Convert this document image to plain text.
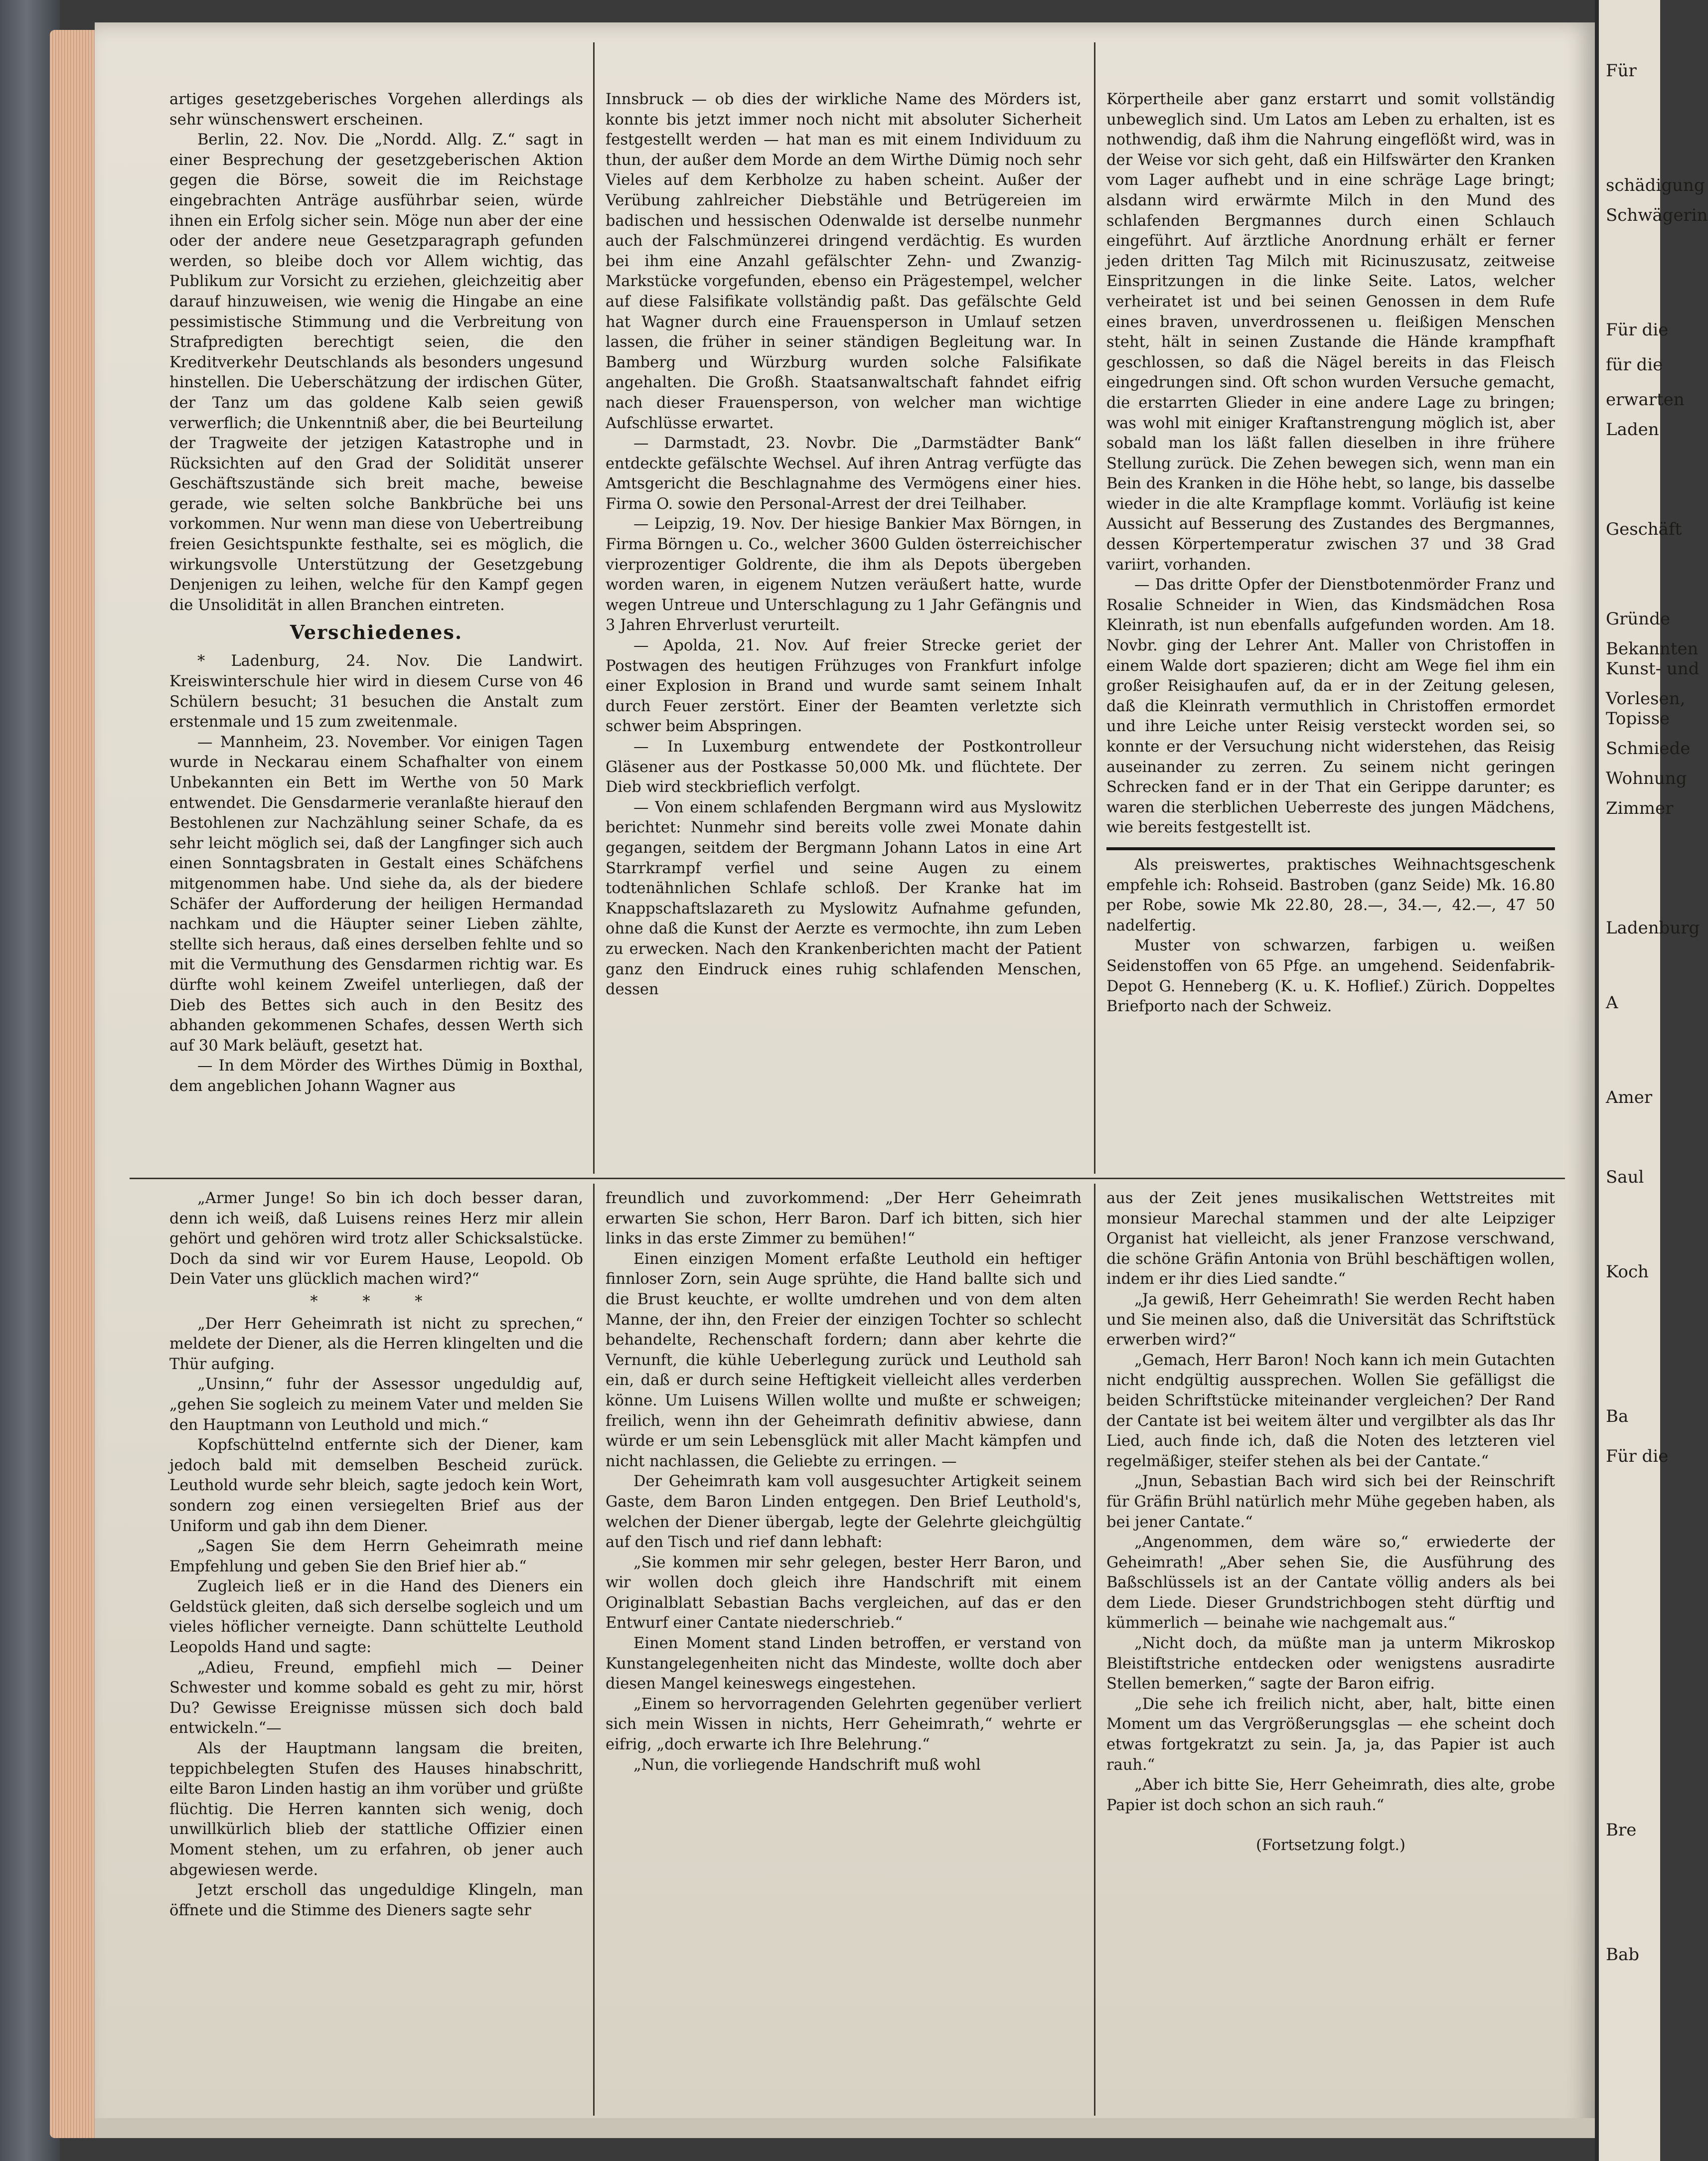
artiges gesetzgeberisches Vorgehen allerdings als sehr wünschenswert erscheinen.

Berlin, 22. Nov. Die „Nordd. Allg. Z.“ sagt in einer Besprechung der gesetzgeberischen Aktion gegen die Börse, soweit die im Reichstage eingebrachten Anträge ausführbar seien, würde ihnen ein Erfolg sicher sein. Möge nun aber der eine oder der andere neue Gesetzparagraph gefunden werden, so bleibe doch vor Allem wichtig, das Publikum zur Vorsicht zu erziehen, gleichzeitig aber darauf hinzuweisen, wie wenig die Hingabe an eine pessimistische Stimmung und die Verbreitung von Strafpredigten berechtigt seien, die den Kreditverkehr Deutschlands als besonders ungesund hinstellen. Die Ueberschätzung der irdischen Güter, der Tanz um das goldene Kalb seien gewiß verwerflich; die Unkenntniß aber, die bei Beurteilung der Tragweite der jetzigen Katastrophe und in Rücksichten auf den Grad der Solidität unserer Geschäftszustände sich breit mache, beweise gerade, wie selten solche Bankbrüche bei uns vorkommen. Nur wenn man diese von Uebertreibung freien Gesichtspunkte festhalte, sei es möglich, die wirkungsvolle Unterstützung der Gesetzgebung Denjenigen zu leihen, welche für den Kampf gegen die Unsolidität in allen Branchen eintreten.

Verschiedenes.

* Ladenburg, 24. Nov. Die Landwirt. Kreiswinterschule hier wird in diesem Curse von 46 Schülern besucht; 31 besuchen die Anstalt zum erstenmale und 15 zum zweitenmale.

— Mannheim, 23. November. Vor einigen Tagen wurde in Neckarau einem Schafhalter von einem Unbekannten ein Bett im Werthe von 50 Mark entwendet. Die Gensdarmerie veranlaßte hierauf den Bestohlenen zur Nachzählung seiner Schafe, da es sehr leicht möglich sei, daß der Langfinger sich auch einen Sonntagsbraten in Gestalt eines Schäfchens mitgenommen habe. Und siehe da, als der biedere Schäfer der Aufforderung der heiligen Hermandad nachkam und die Häupter seiner Lieben zählte, stellte sich heraus, daß eines derselben fehlte und so mit die Vermuthung des Gensdarmen richtig war. Es dürfte wohl keinem Zweifel unterliegen, daß der Dieb des Bettes sich auch in den Besitz des abhanden gekommenen Schafes, dessen Werth sich auf 30 Mark beläuft, gesetzt hat.

— In dem Mörder des Wirthes Dümig in Boxthal, dem angeblichen Johann Wagner aus

Innsbruck — ob dies der wirkliche Name des Mörders ist, konnte bis jetzt immer noch nicht mit absoluter Sicherheit festgestellt werden — hat man es mit einem Individuum zu thun, der außer dem Morde an dem Wirthe Dümig noch sehr Vieles auf dem Kerbholze zu haben scheint. Außer der Verübung zahlreicher Diebstähle und Betrügereien im badischen und hessischen Odenwalde ist derselbe nunmehr auch der Falschmünzerei dringend verdächtig. Es wurden bei ihm eine Anzahl gefälschter Zehn- und Zwanzig-Markstücke vorgefunden, ebenso ein Prägestempel, welcher auf diese Falsifikate vollständig paßt. Das gefälschte Geld hat Wagner durch eine Frauensperson in Umlauf setzen lassen, die früher in seiner ständigen Begleitung war. In Bamberg und Würzburg wurden solche Falsifikate angehalten. Die Großh. Staatsanwaltschaft fahndet eifrig nach dieser Frauensperson, von welcher man wichtige Aufschlüsse erwartet.

— Darmstadt, 23. Novbr. Die „Darmstädter Bank“ entdeckte gefälschte Wechsel. Auf ihren Antrag verfügte das Amtsgericht die Beschlagnahme des Vermögens einer hies. Firma O. sowie den Personal-Arrest der drei Teilhaber.

— Leipzig, 19. Nov. Der hiesige Bankier Max Börngen, in Firma Börngen u. Co., welcher 3600 Gulden österreichischer vierprozentiger Goldrente, die ihm als Depots übergeben worden waren, in eigenem Nutzen veräußert hatte, wurde wegen Untreue und Unterschlagung zu 1 Jahr Gefängnis und 3 Jahren Ehrverlust verurteilt.

— Apolda, 21. Nov. Auf freier Strecke geriet der Postwagen des heutigen Frühzuges von Frankfurt infolge einer Explosion in Brand und wurde samt seinem Inhalt durch Feuer zerstört. Einer der Beamten verletzte sich schwer beim Abspringen.

— In Luxemburg entwendete der Postkontrolleur Gläsener aus der Postkasse 50,000 Mk. und flüchtete. Der Dieb wird steckbrieflich verfolgt.

— Von einem schlafenden Bergmann wird aus Myslowitz berichtet: Nunmehr sind bereits volle zwei Monate dahin gegangen, seitdem der Bergmann Johann Latos in eine Art Starrkrampf verfiel und seine Augen zu einem todtenähnlichen Schlafe schloß. Der Kranke hat im Knappschaftslazareth zu Myslowitz Aufnahme gefunden, ohne daß die Kunst der Aerzte es vermochte, ihn zum Leben zu erwecken. Nach den Krankenberichten macht der Patient ganz den Eindruck eines ruhig schlafenden Menschen, dessen

Körpertheile aber ganz erstarrt und somit vollständig unbeweglich sind. Um Latos am Leben zu erhalten, ist es nothwendig, daß ihm die Nahrung eingeflößt wird, was in der Weise vor sich geht, daß ein Hilfswärter den Kranken vom Lager aufhebt und in eine schräge Lage bringt; alsdann wird erwärmte Milch in den Mund des schlafenden Bergmannes durch einen Schlauch eingeführt. Auf ärztliche Anordnung erhält er ferner jeden dritten Tag Milch mit Ricinuszusatz, zeitweise Einspritzungen in die linke Seite. Latos, welcher verheiratet ist und bei seinen Genossen in dem Rufe eines braven, unverdrossenen u. fleißigen Menschen steht, hält in seinen Zustande die Hände krampfhaft geschlossen, so daß die Nägel bereits in das Fleisch eingedrungen sind. Oft schon wurden Versuche gemacht, die erstarrten Glieder in eine andere Lage zu bringen; was wohl mit einiger Kraftanstrengung möglich ist, aber sobald man los läßt fallen dieselben in ihre frühere Stellung zurück. Die Zehen bewegen sich, wenn man ein Bein des Kranken in die Höhe hebt, so lange, bis dasselbe wieder in die alte Krampflage kommt. Vorläufig ist keine Aussicht auf Besserung des Zustandes des Bergmannes, dessen Körpertemperatur zwischen 37 und 38 Grad variirt, vorhanden.

— Das dritte Opfer der Dienstbotenmörder Franz und Rosalie Schneider in Wien, das Kindsmädchen Rosa Kleinrath, ist nun ebenfalls aufgefunden worden. Am 18. Novbr. ging der Lehrer Ant. Maller von Christoffen in einem Walde dort spazieren; dicht am Wege fiel ihm ein großer Reisighaufen auf, da er in der Zeitung gelesen, daß die Kleinrath vermuthlich in Christoffen ermordet und ihre Leiche unter Reisig versteckt worden sei, so konnte er der Versuchung nicht widerstehen, das Reisig auseinander zu zerren. Zu seinem nicht geringen Schrecken fand er in der That ein Gerippe darunter; es waren die sterblichen Ueberreste des jungen Mädchens, wie bereits festgestellt ist.

Als preiswertes, praktisches Weihnachtsgeschenk empfehle ich: Rohseid. Bastroben (ganz Seide) Mk. 16.80 per Robe, sowie Mk 22.80, 28.—, 34.—, 42.—, 47 50 nadelfertig.

Muster von schwarzen, farbigen u. weißen Seidenstoffen von 65 Pfge. an umgehend. Seidenfabrik-Depot G. Henneberg (K. u. K. Hoflief.) Zürich. Doppeltes Briefporto nach der Schweiz.

„Armer Junge! So bin ich doch besser daran, denn ich weiß, daß Luisens reines Herz mir allein gehört und gehören wird trotz aller Schicksalstücke. Doch da sind wir vor Eurem Hause, Leopold. Ob Dein Vater uns glücklich machen wird?“

* * *

„Der Herr Geheimrath ist nicht zu sprechen,“ meldete der Diener, als die Herren klingelten und die Thür aufging.

„Unsinn,“ fuhr der Assessor ungeduldig auf, „gehen Sie sogleich zu meinem Vater und melden Sie den Hauptmann von Leuthold und mich.“

Kopfschüttelnd entfernte sich der Diener, kam jedoch bald mit demselben Bescheid zurück. Leuthold wurde sehr bleich, sagte jedoch kein Wort, sondern zog einen versiegelten Brief aus der Uniform und gab ihn dem Diener.

„Sagen Sie dem Herrn Geheimrath meine Empfehlung und geben Sie den Brief hier ab.“

Zugleich ließ er in die Hand des Dieners ein Geldstück gleiten, daß sich derselbe sogleich und um vieles höflicher verneigte. Dann schüttelte Leuthold Leopolds Hand und sagte:

„Adieu, Freund, empfiehl mich — Deiner Schwester und komme sobald es geht zu mir, hörst Du? Gewisse Ereignisse müssen sich doch bald entwickeln.“—

Als der Hauptmann langsam die breiten, teppichbelegten Stufen des Hauses hinabschritt, eilte Baron Linden hastig an ihm vorüber und grüßte flüchtig. Die Herren kannten sich wenig, doch unwillkürlich blieb der stattliche Offizier einen Moment stehen, um zu erfahren, ob jener auch abgewiesen werde.

Jetzt erscholl das ungeduldige Klingeln, man öffnete und die Stimme des Dieners sagte sehr

freundlich und zuvorkommend: „Der Herr Geheimrath erwarten Sie schon, Herr Baron. Darf ich bitten, sich hier links in das erste Zimmer zu bemühen!“

Einen einzigen Moment erfaßte Leuthold ein heftiger finnloser Zorn, sein Auge sprühte, die Hand ballte sich und die Brust keuchte, er wollte umdrehen und von dem alten Manne, der ihn, den Freier der einzigen Tochter so schlecht behandelte, Rechenschaft fordern; dann aber kehrte die Vernunft, die kühle Ueberlegung zurück und Leuthold sah ein, daß er durch seine Heftigkeit vielleicht alles verderben könne. Um Luisens Willen wollte und mußte er schweigen; freilich, wenn ihn der Geheimrath definitiv abwiese, dann würde er um sein Lebensglück mit aller Macht kämpfen und nicht nachlassen, die Geliebte zu erringen. —

Der Geheimrath kam voll ausgesuchter Artigkeit seinem Gaste, dem Baron Linden entgegen. Den Brief Leuthold's, welchen der Diener übergab, legte der Gelehrte gleichgültig auf den Tisch und rief dann lebhaft:

„Sie kommen mir sehr gelegen, bester Herr Baron, und wir wollen doch gleich ihre Handschrift mit einem Originalblatt Sebastian Bachs vergleichen, auf das er den Entwurf einer Cantate niederschrieb.“

Einen Moment stand Linden betroffen, er verstand von Kunstangelegenheiten nicht das Mindeste, wollte doch aber diesen Mangel keineswegs eingestehen.

„Einem so hervorragenden Gelehrten gegenüber verliert sich mein Wissen in nichts, Herr Geheimrath,“ wehrte er eifrig, „doch erwarte ich Ihre Belehrung.“

„Nun, die vorliegende Handschrift muß wohl

aus der Zeit jenes musikalischen Wettstreites mit monsieur Marechal stammen und der alte Leipziger Organist hat vielleicht, als jener Franzose verschwand, die schöne Gräfin Antonia von Brühl beschäftigen wollen, indem er ihr dies Lied sandte.“

„Ja gewiß, Herr Geheimrath! Sie werden Recht haben und Sie meinen also, daß die Universität das Schriftstück erwerben wird?“

„Gemach, Herr Baron! Noch kann ich mein Gutachten nicht endgültig aussprechen. Wollen Sie gefälligst die beiden Schriftstücke miteinander vergleichen? Der Rand der Cantate ist bei weitem älter und vergilbter als das Ihr Lied, auch finde ich, daß die Noten des letzteren viel regelmäßiger, steifer stehen als bei der Cantate.“

„Jnun, Sebastian Bach wird sich bei der Reinschrift für Gräfin Brühl natürlich mehr Mühe gegeben haben, als bei jener Cantate.“

„Angenommen, dem wäre so,“ erwiederte der Geheimrath! „Aber sehen Sie, die Ausführung des Baßschlüssels ist an der Cantate völlig anders als bei dem Liede. Dieser Grundstrichbogen steht dürftig und kümmerlich — beinahe wie nachgemalt aus.“

„Nicht doch, da müßte man ja unterm Mikroskop Bleistiftstriche entdecken oder wenigstens ausradirte Stellen bemerken,“ sagte der Baron eifrig.

„Die sehe ich freilich nicht, aber, halt, bitte einen Moment um das Vergrößerungsglas — ehe scheint doch etwas fortgekratzt zu sein. Ja, ja, das Papier ist auch rauh.“

„Aber ich bitte Sie, Herr Geheimrath, dies alte, grobe Papier ist doch schon an sich rauh.“

(Fortsetzung folgt.)

Für
schädigung
Schwägerin
Für die
für die
erwarten
Laden
Geschäft
Gründe
Bekannten
Kunst- und
Vorlesen,
Topisse
Schmiede
Wohnung
Zimmer
Ladenburg
A
Amer
Saul
Koch
Ba
Für die
Bre
Bab
